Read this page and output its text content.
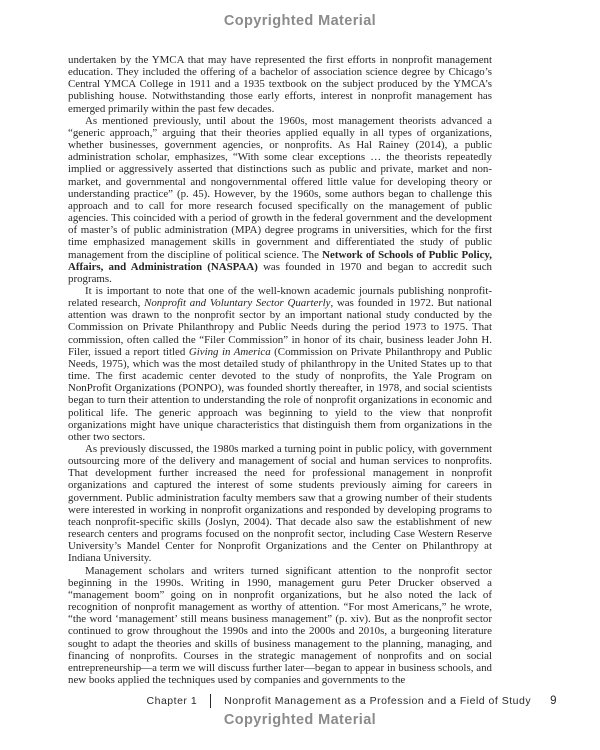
Copyrighted Material

undertaken by the YMCA that may have represented the first efforts in nonprofit management education. They included the offering of a bachelor of association science degree by Chicago’s Central YMCA College in 1911 and a 1935 textbook on the subject produced by the YMCA’s publishing house. Notwithstanding those early efforts, interest in nonprofit management has emerged primarily within the past few decades.

As mentioned previously, until about the 1960s, most management theorists advanced a “generic approach,” arguing that their theories applied equally in all types of organizations, whether businesses, government agencies, or nonprofits. As Hal Rainey (2014), a public administration scholar, emphasizes, “With some clear exceptions … the theorists repeatedly implied or aggressively asserted that distinctions such as public and private, market and non-market, and governmental and nongovernmental offered little value for developing theory or understanding practice” (p. 45). However, by the 1960s, some authors began to challenge this approach and to call for more research focused specifically on the management of public agencies. This coincided with a period of growth in the federal government and the development of master’s of public administration (MPA) degree programs in universities, which for the first time emphasized management skills in government and differentiated the study of public management from the discipline of political science. The Network of Schools of Public Policy, Affairs, and Administration (NASPAA) was founded in 1970 and began to accredit such programs.

It is important to note that one of the well-known academic journals publishing nonprofit-related research, Nonprofit and Voluntary Sector Quarterly, was founded in 1972. But national attention was drawn to the nonprofit sector by an important national study conducted by the Commission on Private Philanthropy and Public Needs during the period 1973 to 1975. That commission, often called the “Filer Commission” in honor of its chair, business leader John H. Filer, issued a report titled Giving in America (Commission on Private Philanthropy and Public Needs, 1975), which was the most detailed study of philanthropy in the United States up to that time. The first academic center devoted to the study of nonprofits, the Yale Program on NonProfit Organizations (PONPO), was founded shortly thereafter, in 1978, and social scientists began to turn their attention to understanding the role of nonprofit organizations in economic and political life. The generic approach was beginning to yield to the view that nonprofit organizations might have unique characteristics that distinguish them from organizations in the other two sectors.

As previously discussed, the 1980s marked a turning point in public policy, with government outsourcing more of the delivery and management of social and human services to nonprofits. That development further increased the need for professional management in nonprofit organizations and captured the interest of some students previously aiming for careers in government. Public administration faculty members saw that a growing number of their students were interested in working in nonprofit organizations and responded by developing programs to teach nonprofit-specific skills (Joslyn, 2004). That decade also saw the establishment of new research centers and programs focused on the nonprofit sector, including Case Western Reserve University’s Mandel Center for Nonprofit Organizations and the Center on Philanthropy at Indiana University.

Management scholars and writers turned significant attention to the nonprofit sector beginning in the 1990s. Writing in 1990, management guru Peter Drucker observed a “management boom” going on in nonprofit organizations, but he also noted the lack of recognition of nonprofit management as worthy of attention. “For most Americans,” he wrote, “the word ‘management’ still means business management” (p. xiv). But as the nonprofit sector continued to grow throughout the 1990s and into the 2000s and 2010s, a burgeoning literature sought to adapt the theories and skills of business management to the planning, managing, and financing of nonprofits. Courses in the strategic management of nonprofits and on social entrepreneurship—a term we will discuss further later—began to appear in business schools, and new books applied the techniques used by companies and governments to the

Chapter 1	Nonprofit Management as a Profession and a Field of Study 9
Copyrighted Material
